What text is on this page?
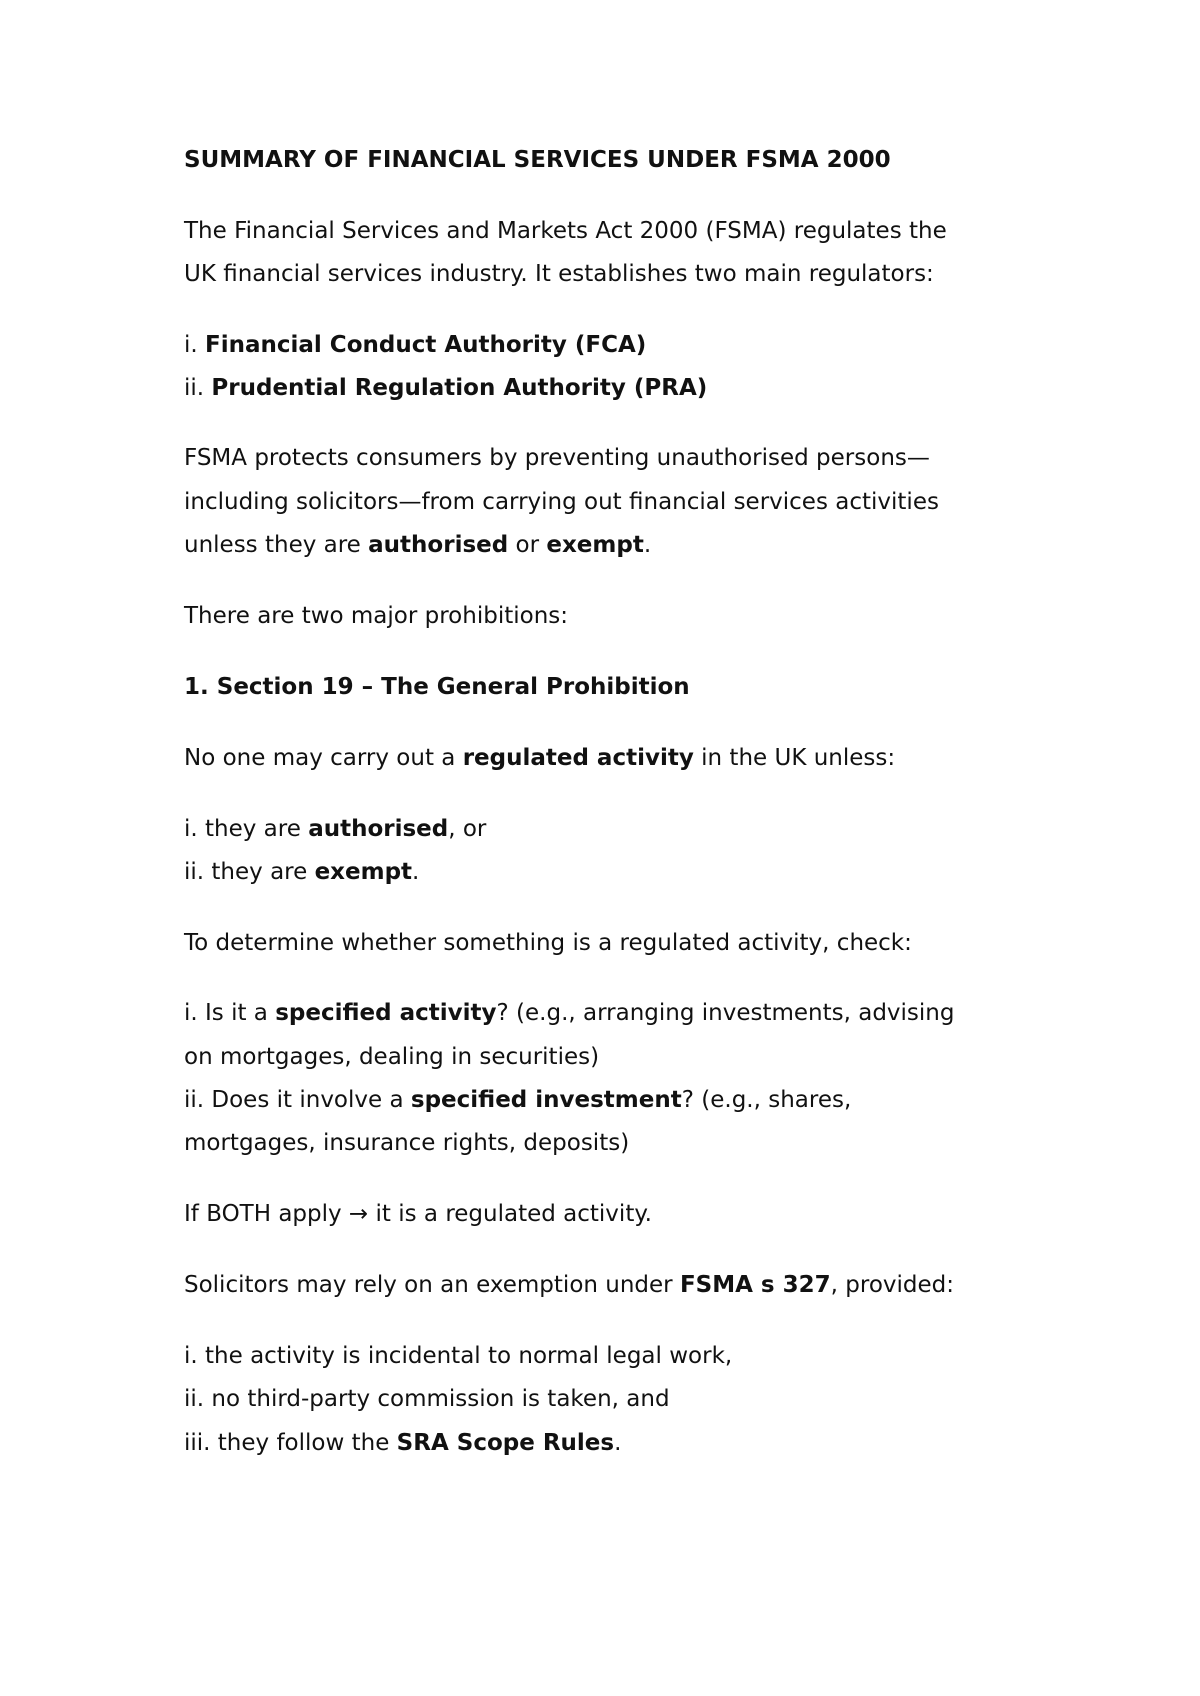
SUMMARY OF FINANCIAL SERVICES UNDER FSMA 2000
The Financial Services and Markets Act 2000 (FSMA) regulates the
UK financial services industry. It establishes two main regulators:
i. Financial Conduct Authority (FCA)
ii. Prudential Regulation Authority (PRA)
FSMA protects consumers by preventing unauthorised persons—
including solicitors—from carrying out financial services activities
unless they are authorised or exempt.
There are two major prohibitions:
1. Section 19 – The General Prohibition
No one may carry out a regulated activity in the UK unless:
i. they are authorised, or
ii. they are exempt.
To determine whether something is a regulated activity, check:
i. Is it a specified activity? (e.g., arranging investments, advising
on mortgages, dealing in securities)
ii. Does it involve a specified investment? (e.g., shares,
mortgages, insurance rights, deposits)
If BOTH apply → it is a regulated activity.
Solicitors may rely on an exemption under FSMA s 327, provided:
i. the activity is incidental to normal legal work,
ii. no third-party commission is taken, and
iii. they follow the SRA Scope Rules.
